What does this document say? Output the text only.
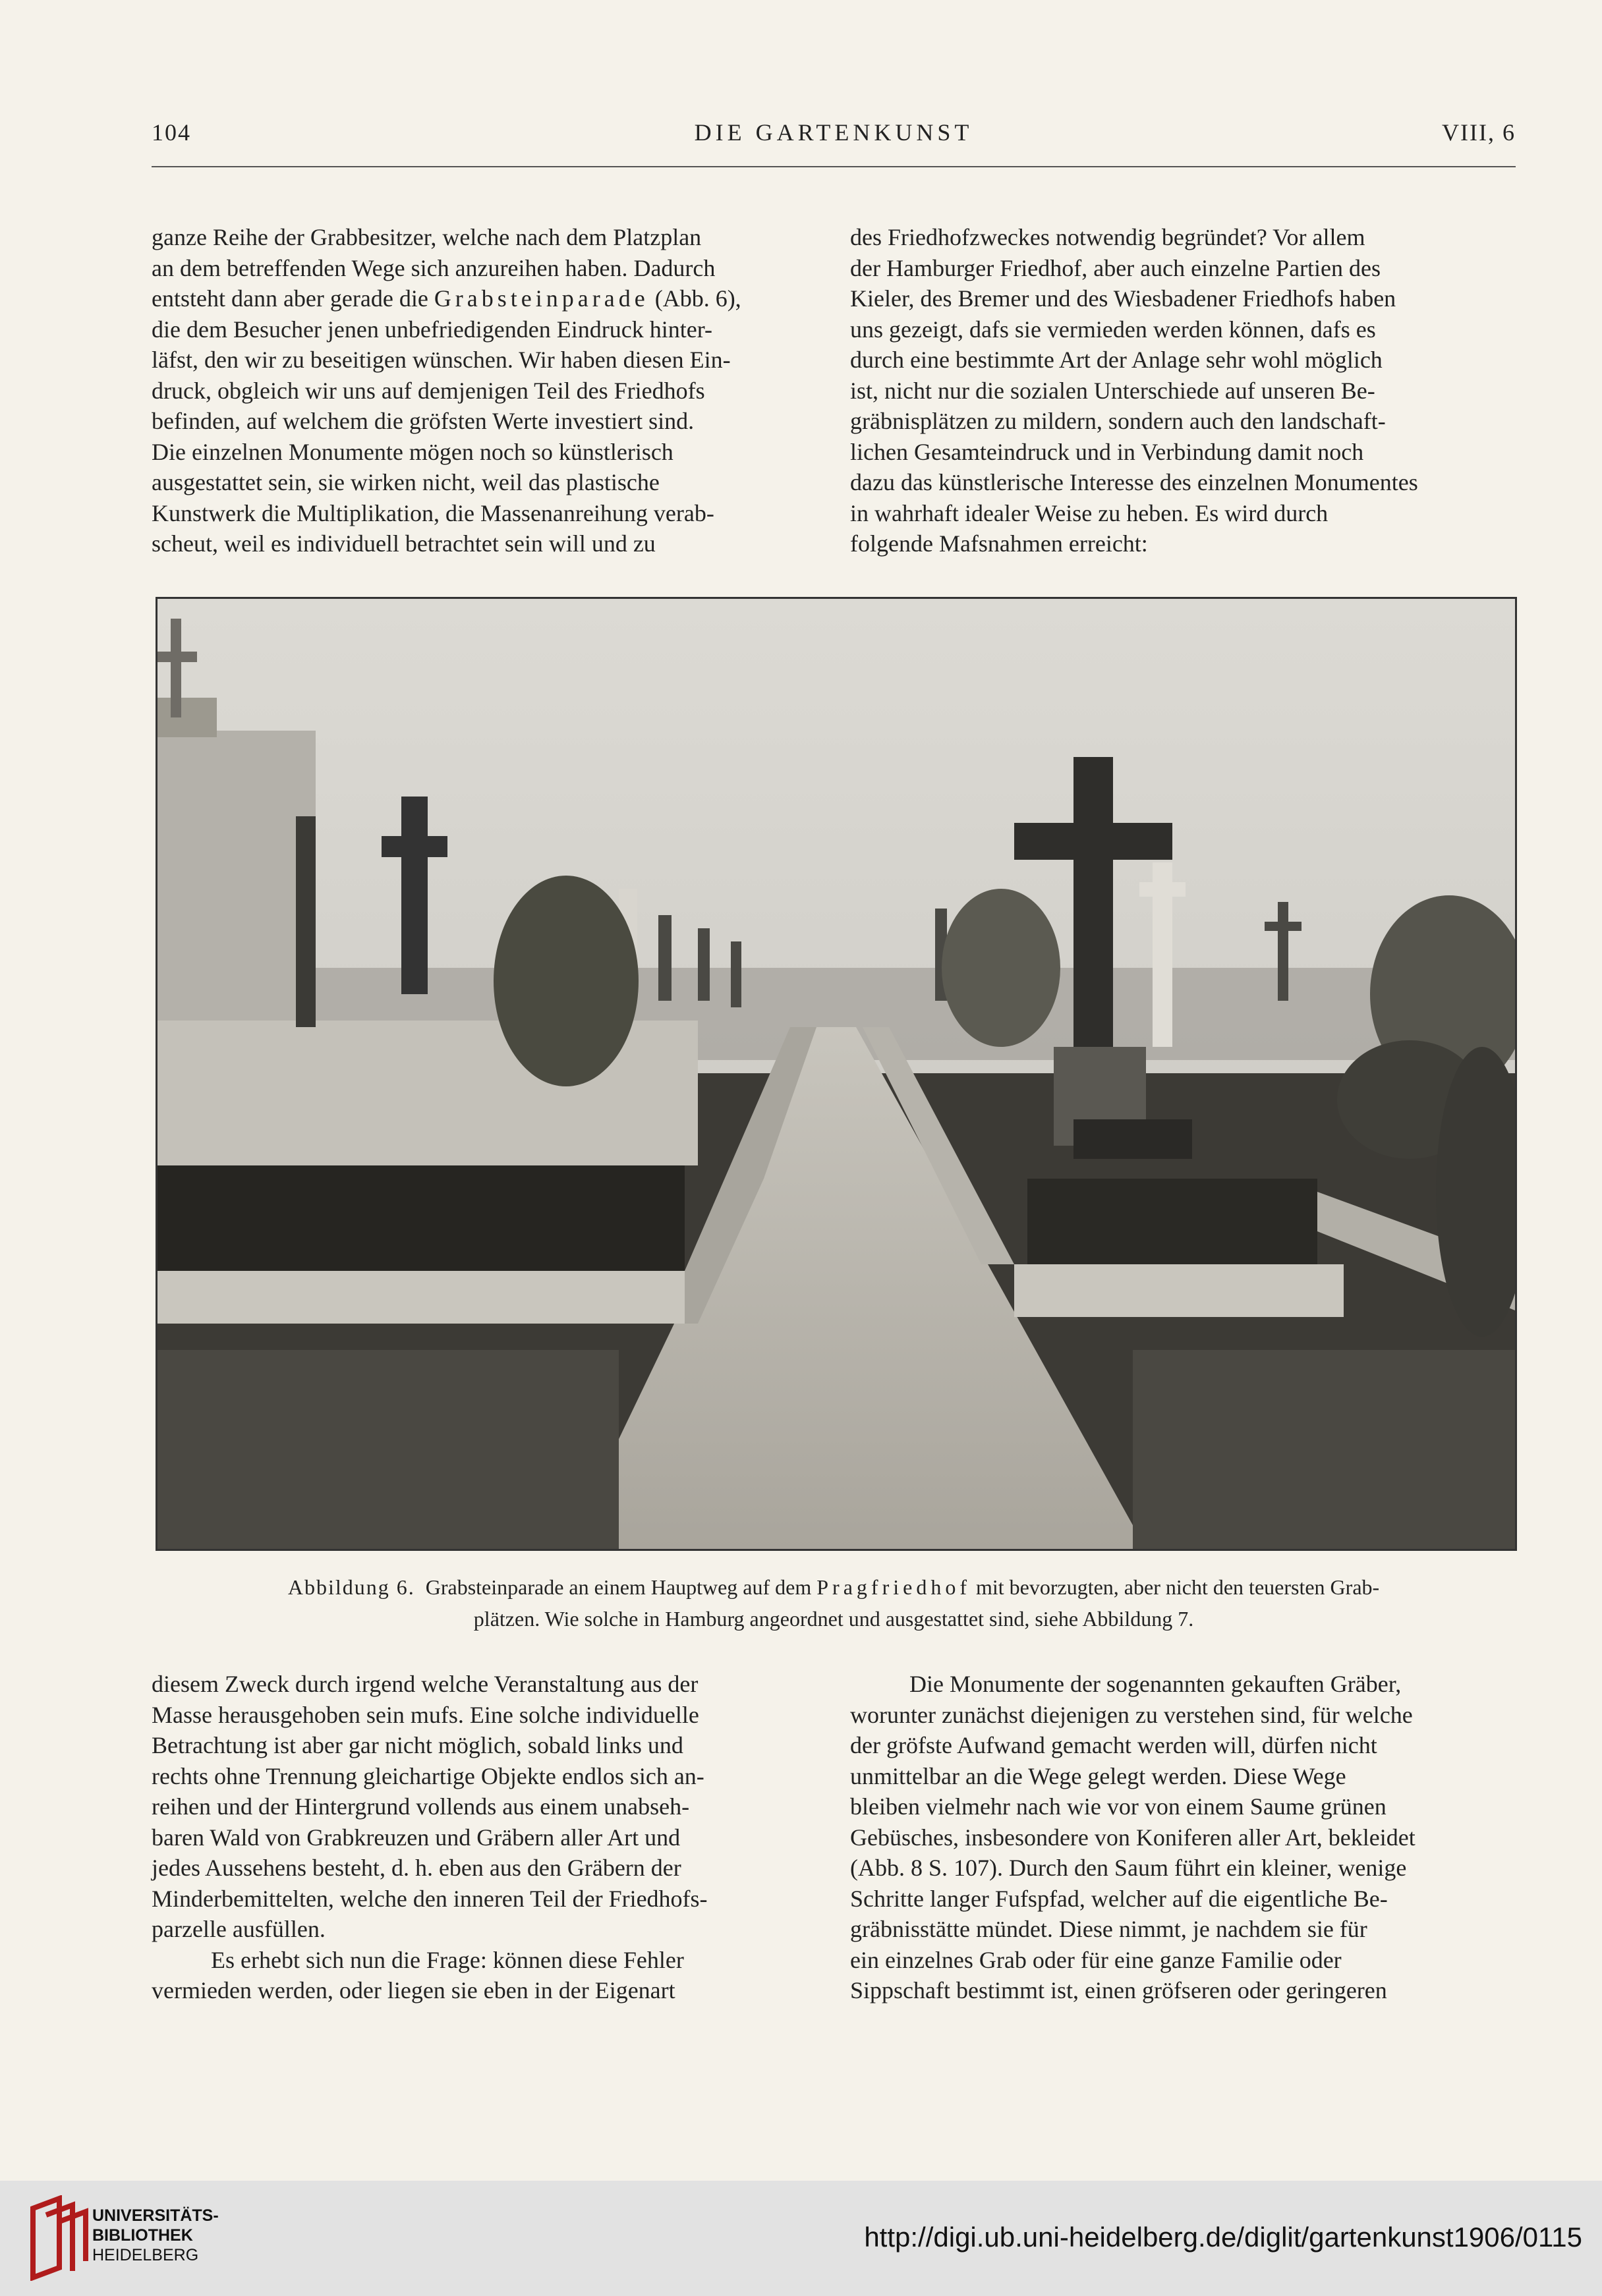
104	DIE GARTENKUNST	VIII, 6

ganze Reihe der Grabbesitzer, welche nach dem Platzplan

an dem betreffenden Wege sich anzureihen haben. Dadurch

entsteht dann aber gerade die Grabsteinparade (Abb. 6),

die dem Besucher jenen unbefriedigenden Eindruck hinter-

läfst, den wir zu beseitigen wünschen. Wir haben diesen Ein-

druck, obgleich wir uns auf demjenigen Teil des Friedhofs

befinden, auf welchem die gröfsten Werte investiert sind.

Die einzelnen Monumente mögen noch so künstlerisch

ausgestattet sein, sie wirken nicht, weil das plastische

Kunstwerk die Multiplikation, die Massenanreihung verab-

scheut, weil es individuell betrachtet sein will und zu

des Friedhofzweckes notwendig begründet? Vor allem

der Hamburger Friedhof, aber auch einzelne Partien des

Kieler, des Bremer und des Wiesbadener Friedhofs haben

uns gezeigt, dafs sie vermieden werden können, dafs es

durch eine bestimmte Art der Anlage sehr wohl möglich

ist, nicht nur die sozialen Unterschiede auf unseren Be-

gräbnisplätzen zu mildern, sondern auch den landschaft-

lichen Gesamteindruck und in Verbindung damit noch

dazu das künstlerische Interesse des einzelnen Monumentes

in wahrhaft idealer Weise zu heben. Es wird durch

folgende Mafsnahmen erreicht:

Abbildung 6. Grabsteinparade an einem Hauptweg auf dem Pragfriedhof mit bevorzugten, aber nicht den teuersten Grab-
plätzen. Wie solche in Hamburg angeordnet und ausgestattet sind, siehe Abbildung 7.

diesem Zweck durch irgend welche Veranstaltung aus der

Masse herausgehoben sein mufs. Eine solche individuelle

Betrachtung ist aber gar nicht möglich, sobald links und

rechts ohne Trennung gleichartige Objekte endlos sich an-

reihen und der Hintergrund vollends aus einem unabseh-

baren Wald von Grabkreuzen und Gräbern aller Art und

jedes Aussehens besteht, d. h. eben aus den Gräbern der

Minderbemittelten, welche den inneren Teil der Friedhofs-

parzelle ausfüllen.

Es erhebt sich nun die Frage: können diese Fehler

vermieden werden, oder liegen sie eben in der Eigenart

Die Monumente der sogenannten gekauften Gräber,

worunter zunächst diejenigen zu verstehen sind, für welche

der gröfste Aufwand gemacht werden will, dürfen nicht

unmittelbar an die Wege gelegt werden. Diese Wege

bleiben vielmehr nach wie vor von einem Saume grünen

Gebüsches, insbesondere von Koniferen aller Art, bekleidet

(Abb. 8 S. 107). Durch den Saum führt ein kleiner, wenige

Schritte langer Fufspfad, welcher auf die eigentliche Be-

gräbnisstätte mündet. Diese nimmt, je nachdem sie für

ein einzelnes Grab oder für eine ganze Familie oder

Sippschaft bestimmt ist, einen gröfseren oder geringeren

UNIVERSITÄTS-
BIBLIOTHEK
HEIDELBERG
http://digi.ub.uni-heidelberg.de/diglit/gartenkunst1906/0115
